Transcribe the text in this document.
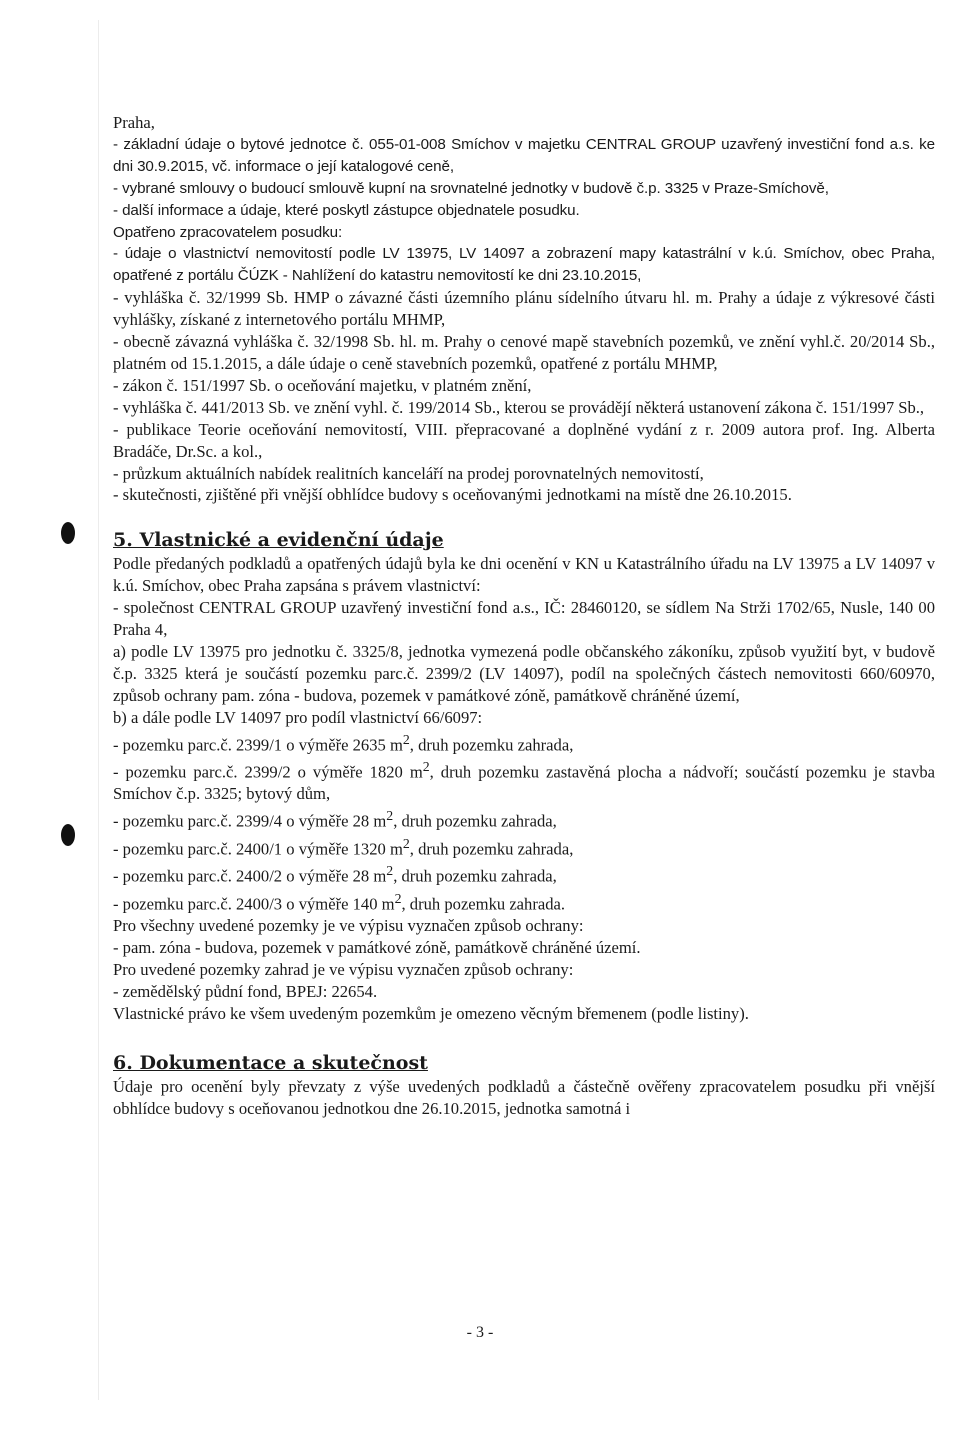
Praha,

- základní údaje o bytové jednotce č. 055-01-008 Smíchov v majetku CENTRAL GROUP uzavřený investiční fond a.s. ke dni 30.9.2015, vč. informace o její katalogové ceně,

- vybrané smlouvy o budoucí smlouvě kupní na srovnatelné jednotky v budově č.p. 3325 v Praze-Smíchově,

- další informace a údaje, které poskytl zástupce objednatele posudku.

Opatřeno zpracovatelem posudku:

- údaje o vlastnictví nemovitostí podle LV 13975, LV 14097 a zobrazení mapy katastrální v k.ú. Smíchov, obec Praha, opatřené z portálu ČÚZK - Nahlížení do katastru nemovitostí ke dni 23.10.2015,

- vyhláška č. 32/1999 Sb. HMP o závazné části územního plánu sídelního útvaru hl. m. Prahy a údaje z výkresové části vyhlášky, získané z internetového portálu MHMP,

- obecně závazná vyhláška č. 32/1998 Sb. hl. m. Prahy o cenové mapě stavebních pozemků, ve znění vyhl.č. 20/2014 Sb., platném od 15.1.2015, a dále údaje o ceně stavebních pozemků, opatřené z portálu MHMP,

- zákon č. 151/1997 Sb. o oceňování majetku, v platném znění,

- vyhláška č. 441/2013 Sb. ve znění vyhl. č. 199/2014 Sb., kterou se provádějí některá ustanovení zákona č. 151/1997 Sb.,

- publikace Teorie oceňování nemovitostí, VIII. přepracované a doplněné vydání z r. 2009 autora prof. Ing. Alberta Bradáče, Dr.Sc. a kol.,

- průzkum aktuálních nabídek realitních kanceláří na prodej porovnatelných nemovitostí,

- skutečnosti, zjištěné při vnější obhlídce budovy s oceňovanými jednotkami na místě dne 26.10.2015.

5. Vlastnické a evidenční údaje

Podle předaných podkladů a opatřených údajů byla ke dni ocenění v KN u Katastrálního úřadu na LV 13975 a LV 14097 v k.ú. Smíchov, obec Praha zapsána s právem vlastnictví:

- společnost CENTRAL GROUP uzavřený investiční fond a.s., IČ: 28460120, se sídlem Na Strži 1702/65, Nusle, 140 00 Praha 4,

a) podle LV 13975 pro jednotku č. 3325/8, jednotka vymezená podle občanského zákoníku, způsob využití byt, v budově č.p. 3325 která je součástí pozemku parc.č. 2399/2 (LV 14097), podíl na společných částech nemovitosti 660/60970, způsob ochrany pam. zóna - budova, pozemek v památkové zóně, památkově chráněné území,

b) a dále podle LV 14097 pro podíl vlastnictví 66/6097:

- pozemku parc.č. 2399/1 o výměře 2635 $m^2$, druh pozemku zahrada,

- pozemku parc.č. 2399/2 o výměře 1820 $m^2$, druh pozemku zastavěná plocha a nádvoří; součástí pozemku je stavba Smíchov č.p. 3325; bytový dům,

- pozemku parc.č. 2399/4 o výměře 28 $m^2$, druh pozemku zahrada,

- pozemku parc.č. 2400/1 o výměře 1320 $m^2$, druh pozemku zahrada,

- pozemku parc.č. 2400/2 o výměře 28 $m^2$, druh pozemku zahrada,

- pozemku parc.č. 2400/3 o výměře 140 $m^2$, druh pozemku zahrada.

Pro všechny uvedené pozemky je ve výpisu vyznačen způsob ochrany:

- pam. zóna - budova, pozemek v památkové zóně, památkově chráněné území.

Pro uvedené pozemky zahrad je ve výpisu vyznačen způsob ochrany:

- zemědělský půdní fond, BPEJ: 22654.

Vlastnické právo ke všem uvedeným pozemkům je omezeno věcným břemenem (podle listiny).

6. Dokumentace a skutečnost

Údaje pro ocenění byly převzaty z výše uvedených podkladů a částečně ověřeny zpracovatelem posudku při vnější obhlídce budovy s oceňovanou jednotkou dne 26.10.2015, jednotka samotná i

- 3 -
